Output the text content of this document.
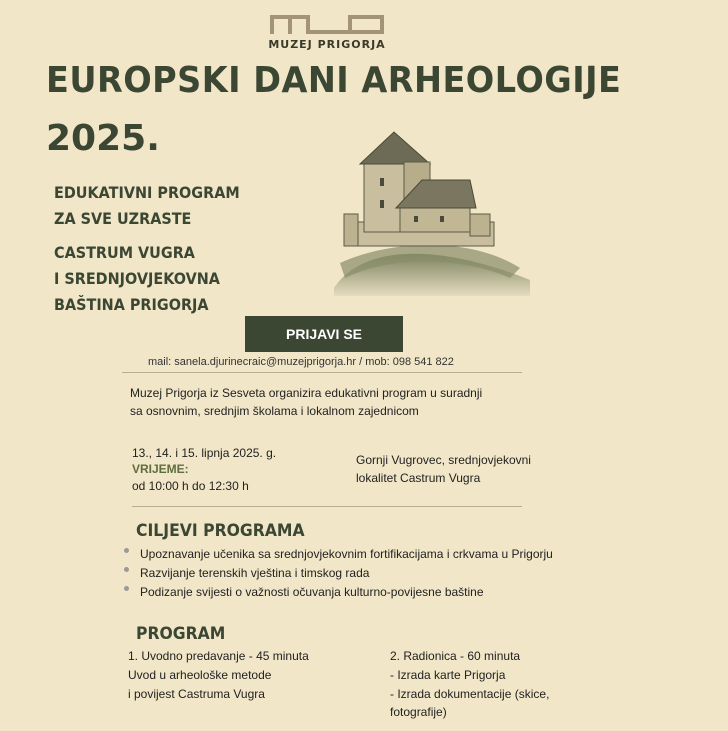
MUZEJ PRIGORJA
EUROPSKI DANI ARHEOLOGIJE
2025.
EDUKATIVNI PROGRAM
ZA SVE UZRASTE
CASTRUM VUGRA
I SREDNJOVJEKOVNA
BAŠTINA PRIGORJA
PRIJAVI SE
mail: sanela.djurinecraic@muzejprigorja.hr / mob: 098 541 822
Muzej Prigorja iz Sesveta organizira edukativni program u suradnji
sa osnovnim, srednjim školama i lokalnom zajednicom
13., 14. i 15. lipnja 2025. g.
VRIJEME:
od 10:00 h do 12:30 h
Gornji Vugrovec, srednjovjekovni
lokalitet Castrum Vugra
CILJEVI PROGRAMA
Upoznavanje učenika sa srednjovjekovnim fortifikacijama i crkvama u Prigorju
Razvijanje terenskih vještina i timskog rada
Podizanje svijesti o važnosti očuvanja kulturno-povijesne baštine
PROGRAM
1. Uvodno predavanje - 45 minuta
Uvod u arheološke metode
i povijest Castruma Vugra
2. Radionica - 60 minuta
- Izrada karte Prigorja
- Izrada dokumentacije (skice,
fotografije)
